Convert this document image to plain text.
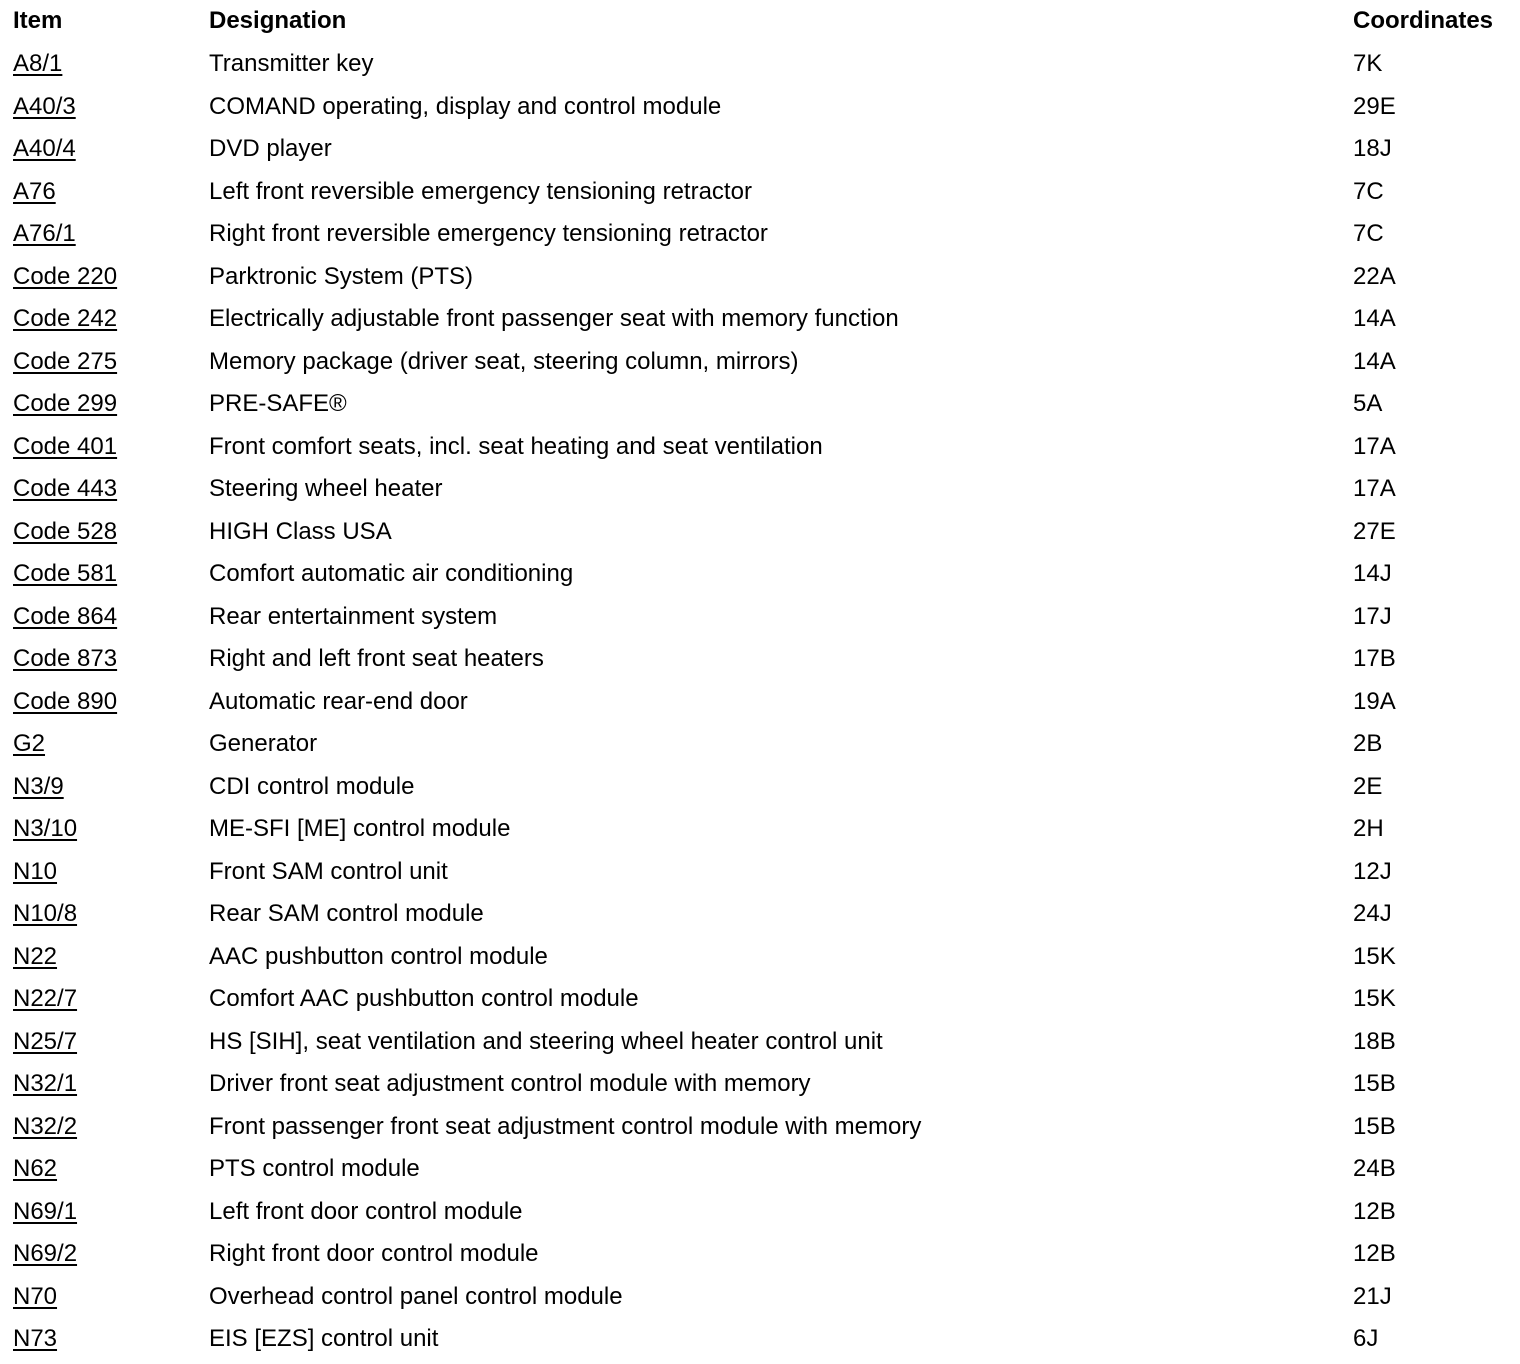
Item	Designation	Coordinates
A8/1	Transmitter key	7K
A40/3	COMAND operating, display and control module	29E
A40/4	DVD player	18J
A76	Left front reversible emergency tensioning retractor	7C
A76/1	Right front reversible emergency tensioning retractor	7C
Code 220	Parktronic System (PTS)	22A
Code 242	Electrically adjustable front passenger seat with memory function	14A
Code 275	Memory package (driver seat, steering column, mirrors)	14A
Code 299	PRE-SAFE®	5A
Code 401	Front comfort seats, incl. seat heating and seat ventilation	17A
Code 443	Steering wheel heater	17A
Code 528	HIGH Class USA	27E
Code 581	Comfort automatic air conditioning	14J
Code 864	Rear entertainment system	17J
Code 873	Right and left front seat heaters	17B
Code 890	Automatic rear-end door	19A
G2	Generator	2B
N3/9	CDI control module	2E
N3/10	ME-SFI [ME] control module	2H
N10	Front SAM control unit	12J
N10/8	Rear SAM control module	24J
N22	AAC pushbutton control module	15K
N22/7	Comfort AAC pushbutton control module	15K
N25/7	HS [SIH], seat ventilation and steering wheel heater control unit	18B
N32/1	Driver front seat adjustment control module with memory	15B
N32/2	Front passenger front seat adjustment control module with memory	15B
N62	PTS control module	24B
N69/1	Left front door control module	12B
N69/2	Right front door control module	12B
N70	Overhead control panel control module	21J
N73	EIS [EZS] control unit	6J
